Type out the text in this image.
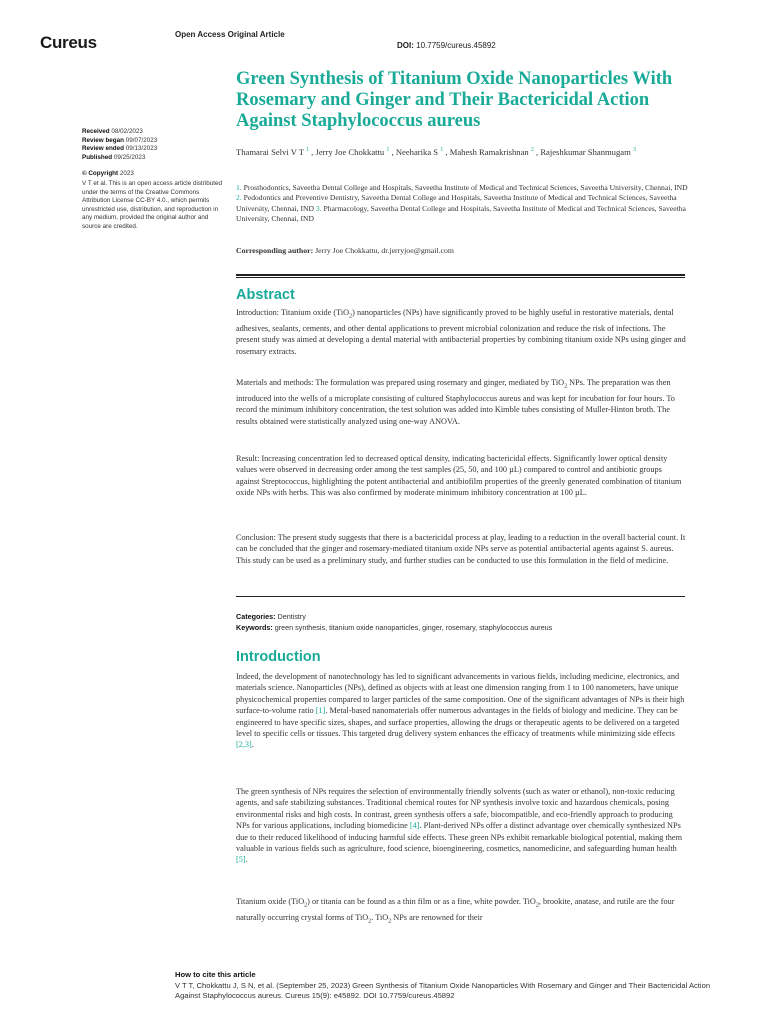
Cureus	Open Access Original Article
DOI: 10.7759/cureus.45892
Green Synthesis of Titanium Oxide Nanoparticles With Rosemary and Ginger and Their Bactericidal Action Against Staphylococcus aureus
Received 08/02/2023
Review began 09/07/2023
Review ended 09/13/2023
Published 09/25/2023
© Copyright 2023
V T et al. This is an open access article distributed under the terms of the Creative Commons Attribution License CC-BY 4.0., which permits unrestricted use, distribution, and reproduction in any medium, provided the original author and source are credited.
Thamarai Selvi V T $^1$ , Jerry Joe Chokkattu $^1$ , Neeharika S $^1$ , Mahesh Ramakrishnan $^2$ , Rajeshkumar Shanmugam $^3$
1. Prosthodontics, Saveetha Dental College and Hospitals, Saveetha Institute of Medical and Technical Sciences, Saveetha University, Chennai, IND 2. Pedodontics and Preventive Dentistry, Saveetha Dental College and Hospitals, Saveetha Institute of Medical and Technical Sciences, Saveetha University, Chennai, IND 3. Pharmacology, Saveetha Dental College and Hospitals, Saveetha Institute of Medical and Technical Sciences, Saveetha University, Chennai, IND
Corresponding author: Jerry Joe Chokkattu, dr.jerryjoe@gmail.com
Abstract
Introduction: Titanium oxide (TiO$_2$) nanoparticles (NPs) have significantly proved to be highly useful in restorative materials, dental adhesives, sealants, cements, and other dental applications to prevent microbial colonization and reduce the risk of infections. The present study was aimed at developing a dental material with antibacterial properties by combining titanium oxide NPs using ginger and rosemary extracts.
Materials and methods: The formulation was prepared using rosemary and ginger, mediated by TiO$_2$ NPs. The preparation was then introduced into the wells of a microplate consisting of cultured Staphylococcus aureus and was kept for incubation for four hours. To record the minimum inhibitory concentration, the test solution was added into Kimble tubes consisting of Muller-Hinton broth. The results obtained were statistically analyzed using one-way ANOVA.
Result: Increasing concentration led to decreased optical density, indicating bactericidal effects. Significantly lower optical density values were observed in decreasing order among the test samples (25, 50, and 100 µL) compared to control and antibiotic groups against Streptococcus, highlighting the potent antibacterial and antibiofilm properties of the greenly generated combination of titanium oxide NPs with herbs. This was also confirmed by moderate minimum inhibitory concentration at 100 µL.
Conclusion: The present study suggests that there is a bactericidal process at play, leading to a reduction in the overall bacterial count. It can be concluded that the ginger and rosemary-mediated titanium oxide NPs serve as potential antibacterial agents against S. aureus. This study can be used as a preliminary study, and further studies can be conducted to use this formulation in the field of medicine.
Categories: Dentistry
Keywords: green synthesis, titanium oxide nanoparticles, ginger, rosemary, staphylococcus aureus
Introduction
Indeed, the development of nanotechnology has led to significant advancements in various fields, including medicine, electronics, and materials science. Nanoparticles (NPs), defined as objects with at least one dimension ranging from 1 to 100 nanometers, have unique physicochemical properties compared to larger particles of the same composition. One of the significant advantages of NPs is their high surface-to-volume ratio [1]. Metal-based nanomaterials offer numerous advantages in the fields of biology and medicine. They can be engineered to have specific sizes, shapes, and surface properties, allowing the drugs or therapeutic agents to be delivered on a targeted level to specific cells or tissues. This targeted drug delivery system enhances the efficacy of treatments while minimizing side effects [2,3].
The green synthesis of NPs requires the selection of environmentally friendly solvents (such as water or ethanol), non-toxic reducing agents, and safe stabilizing substances. Traditional chemical routes for NP synthesis involve toxic and hazardous chemicals, posing environmental risks and high costs. In contrast, green synthesis offers a safe, biocompatible, and eco-friendly approach to producing NPs for various applications, including biomedicine [4]. Plant-derived NPs offer a distinct advantage over chemically synthesized NPs due to their reduced likelihood of inducing harmful side effects. These green NPs exhibit remarkable biological potential, making them valuable in various fields such as agriculture, food science, bioengineering, cosmetics, nanomedicine, and safeguarding human health [5].
Titanium oxide (TiO$_2$) or titania can be found as a thin film or as a fine, white powder. TiO$_2$, brookite, anatase, and rutile are the four naturally occurring crystal forms of TiO$_2$. TiO$_2$ NPs are renowned for their
How to cite this article
V T T, Chokkattu J, S N, et al. (September 25, 2023) Green Synthesis of Titanium Oxide Nanoparticles With Rosemary and Ginger and Their Bactericidal Action Against Staphylococcus aureus. Cureus 15(9): e45892. DOI 10.7759/cureus.45892
